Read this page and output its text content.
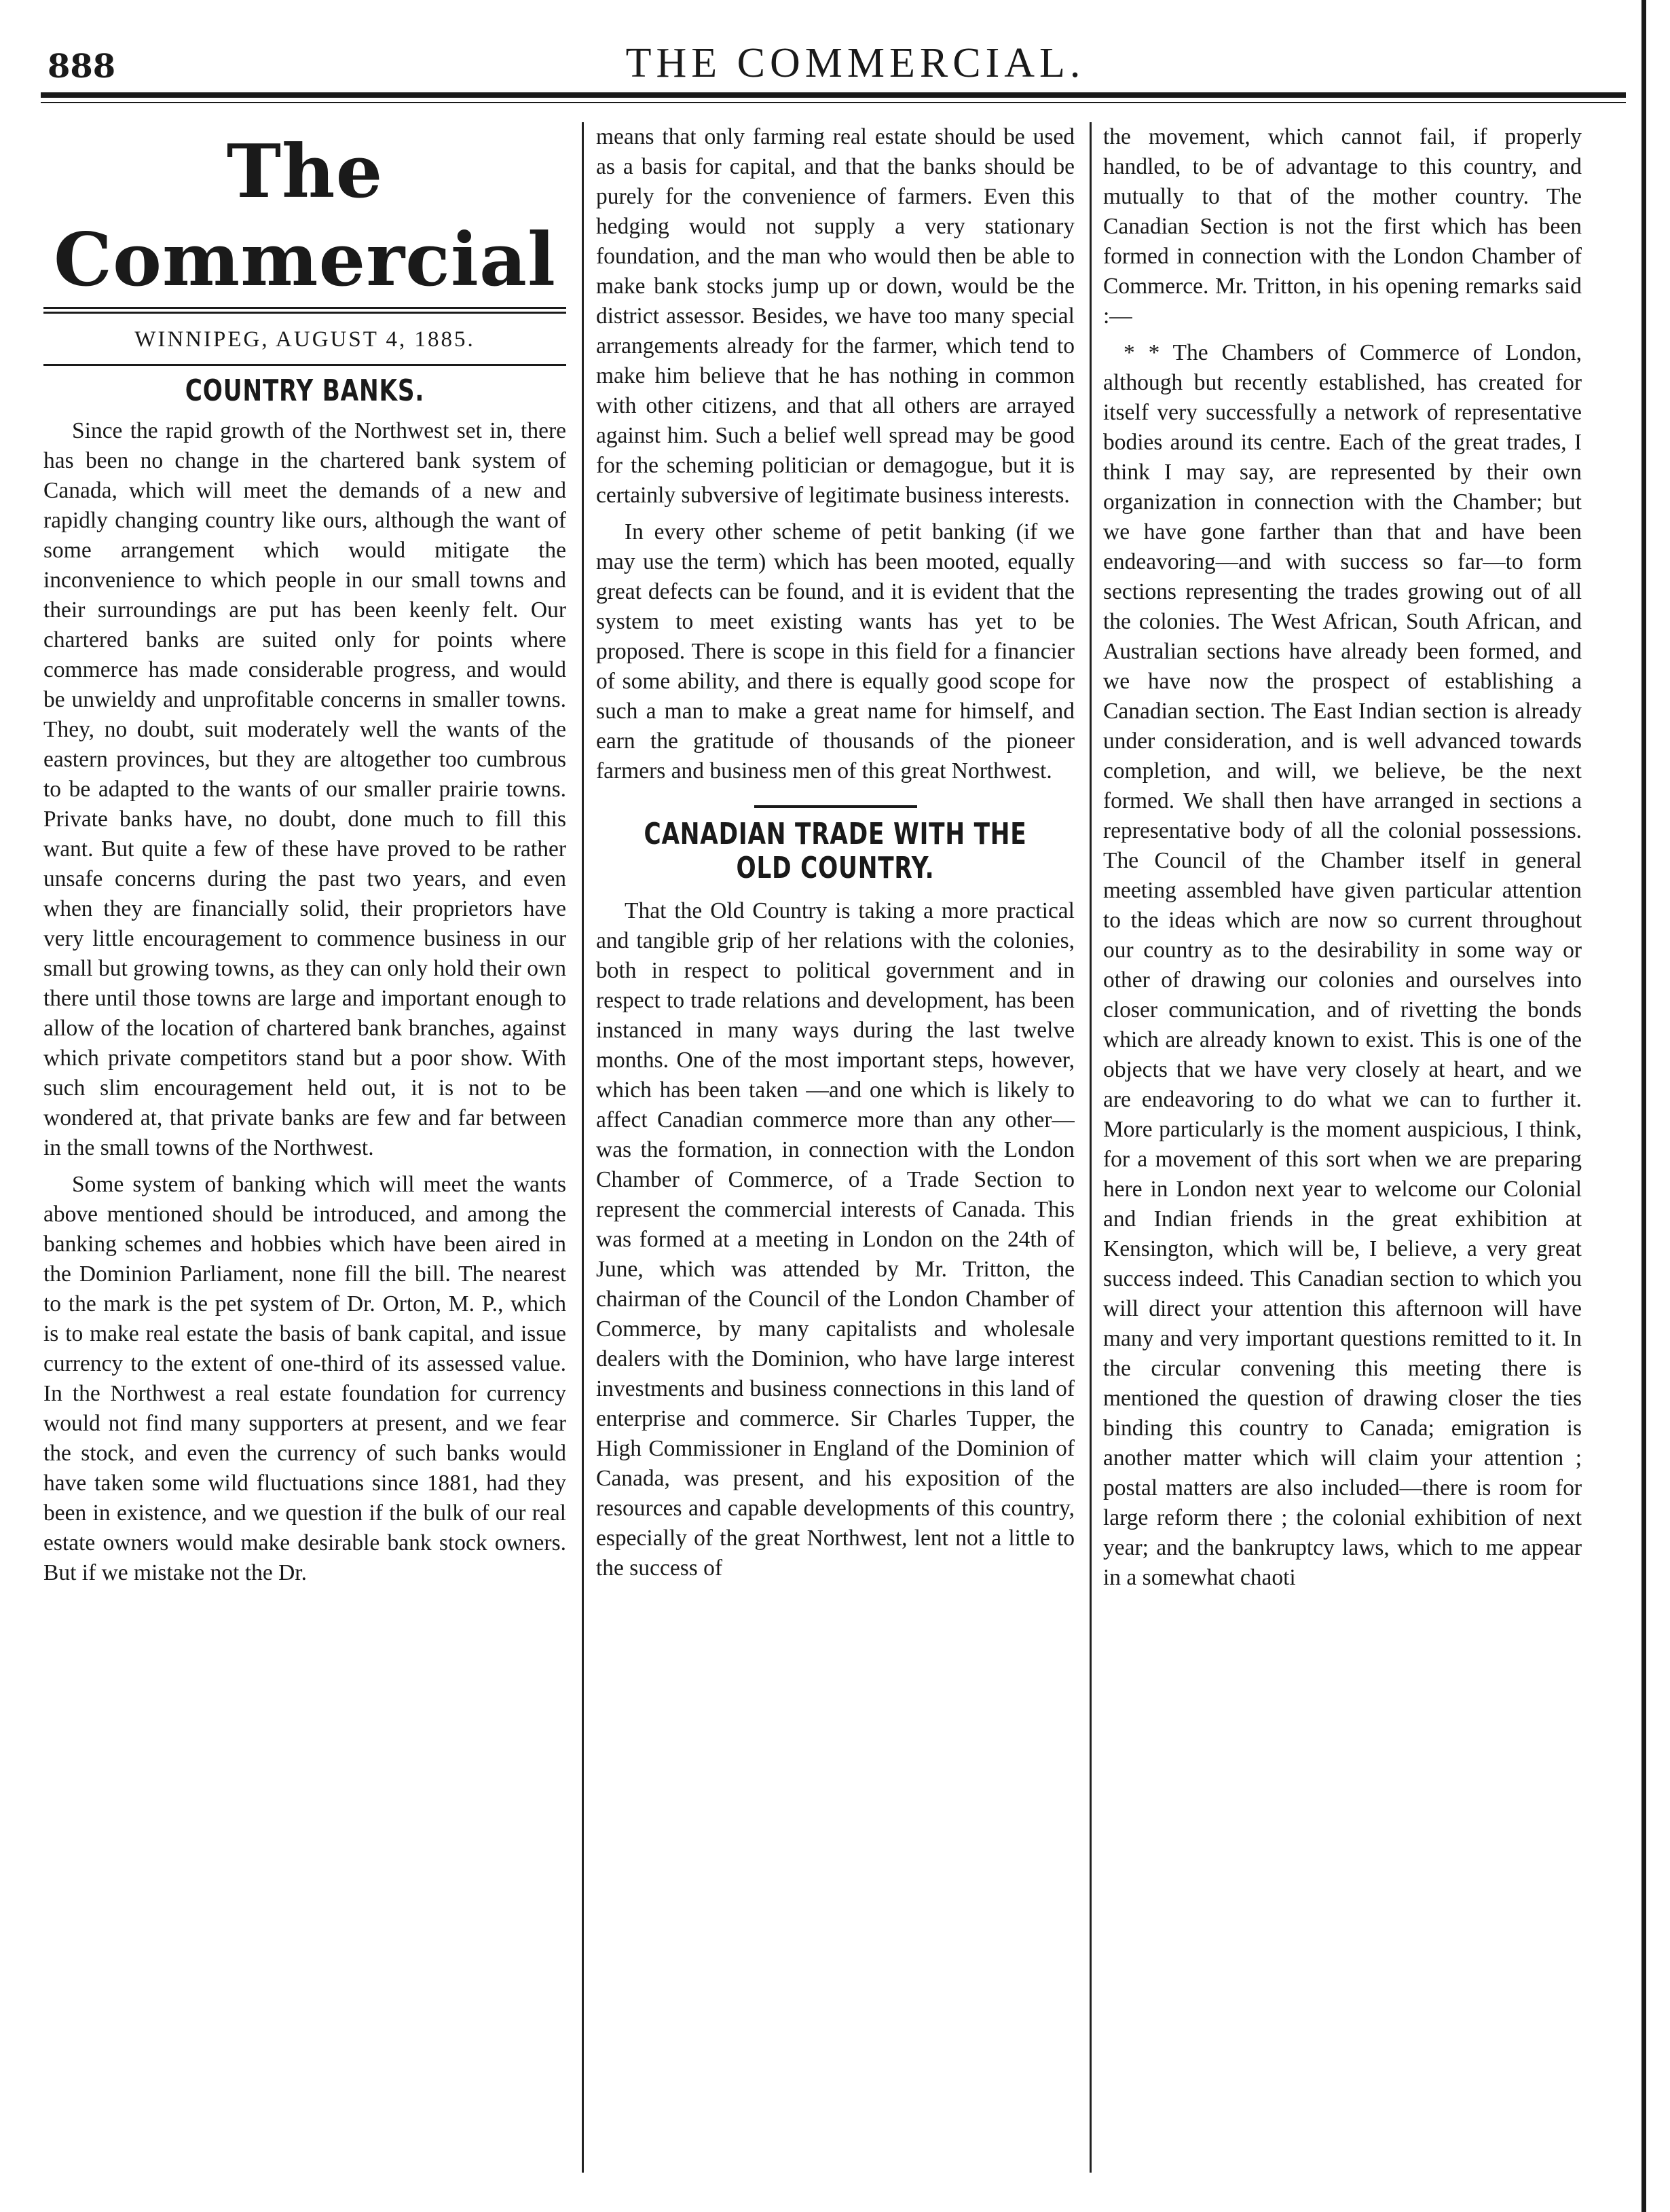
888	THE COMMERCIAL.
The Commercial
WINNIPEG, AUGUST 4, 1885.
COUNTRY BANKS.

Since the rapid growth of the Northwest set in, there has been no change in the chartered bank system of Canada, which will meet the demands of a new and rapidly changing country like ours, although the want of some arrangement which would mitigate the inconvenience to which people in our small towns and their surroundings are put has been keenly felt. Our chartered banks are suited only for points where commerce has made considerable progress, and would be unwieldy and unprofitable concerns in smaller towns. They, no doubt, suit moderately well the wants of the eastern provinces, but they are altogether too cumbrous to be adapted to the wants of our smaller prairie towns. Private banks have, no doubt, done much to fill this want. But quite a few of these have proved to be rather unsafe concerns during the past two years, and even when they are financially solid, their proprietors have very little encouragement to commence business in our small but growing towns, as they can only hold their own there until those towns are large and important enough to allow of the location of chartered bank branches, against which private competitors stand but a poor show. With such slim encouragement held out, it is not to be wondered at, that private banks are few and far between in the small towns of the Northwest.

Some system of banking which will meet the wants above mentioned should be introduced, and among the banking schemes and hobbies which have been aired in the Dominion Parliament, none fill the bill. The nearest to the mark is the pet system of Dr. Orton, M. P., which is to make real estate the basis of bank capital, and issue currency to the extent of one-third of its assessed value. In the Northwest a real estate foundation for currency would not find many supporters at present, and we fear the stock, and even the currency of such banks would have taken some wild fluctuations since 1881, had they been in existence, and we question if the bulk of our real estate owners would make desirable bank stock owners. But if we mistake not the Dr.

means that only farming real estate should be used as a basis for capital, and that the banks should be purely for the convenience of farmers. Even this hedging would not supply a very stationary foundation, and the man who would then be able to make bank stocks jump up or down, would be the district assessor. Besides, we have too many special arrangements already for the farmer, which tend to make him believe that he has nothing in common with other citizens, and that all others are arrayed against him. Such a belief well spread may be good for the scheming politician or demagogue, but it is certainly subversive of legitimate business interests.

In every other scheme of petit banking (if we may use the term) which has been mooted, equally great defects can be found, and it is evident that the system to meet existing wants has yet to be proposed. There is scope in this field for a financier of some ability, and there is equally good scope for such a man to make a great name for himself, and earn the gratitude of thousands of the pioneer farmers and business men of this great Northwest.

CANADIAN TRADE WITH THE OLD COUNTRY.

That the Old Country is taking a more practical and tangible grip of her relations with the colonies, both in respect to political government and in respect to trade relations and development, has been instanced in many ways during the last twelve months. One of the most important steps, however, which has been taken —and one which is likely to affect Canadian commerce more than any other— was the formation, in connection with the London Chamber of Commerce, of a Trade Section to represent the commercial interests of Canada. This was formed at a meeting in London on the 24th of June, which was attended by Mr. Tritton, the chairman of the Council of the London Chamber of Commerce, by many capitalists and wholesale dealers with the Dominion, who have large interest investments and business connections in this land of enterprise and commerce. Sir Charles Tupper, the High Commissioner in England of the Dominion of Canada, was present, and his exposition of the resources and capable developments of this country, especially of the great Northwest, lent not a little to the success of

the movement, which cannot fail, if properly handled, to be of advantage to this country, and mutually to that of the mother country. The Canadian Section is not the first which has been formed in connection with the London Chamber of Commerce. Mr. Tritton, in his opening remarks said :—

* * The Chambers of Commerce of London, although but recently established, has created for itself very successfully a network of representative bodies around its centre. Each of the great trades, I think I may say, are represented by their own organization in connection with the Chamber; but we have gone farther than that and have been endeavoring—and with success so far—to form sections representing the trades growing out of all the colonies. The West African, South African, and Australian sections have already been formed, and we have now the prospect of establishing a Canadian section. The East Indian section is already under consideration, and is well advanced towards completion, and will, we believe, be the next formed. We shall then have arranged in sections a representative body of all the colonial possessions. The Council of the Chamber itself in general meeting assembled have given particular attention to the ideas which are now so current throughout our country as to the desirability in some way or other of drawing our colonies and ourselves into closer communication, and of rivetting the bonds which are already known to exist. This is one of the objects that we have very closely at heart, and we are endeavoring to do what we can to further it. More particularly is the moment auspicious, I think, for a movement of this sort when we are preparing here in London next year to welcome our Colonial and Indian friends in the great exhibition at Kensington, which will be, I believe, a very great success indeed. This Canadian section to which you will direct your attention this afternoon will have many and very important questions remitted to it. In the circular convening this meeting there is mentioned the question of drawing closer the ties binding this country to Canada; emigration is another matter which will claim your attention ; postal matters are also included—there is room for large reform there ; the colonial exhibition of next year; and the bankruptcy laws, which to me appear in a somewhat chaoti
